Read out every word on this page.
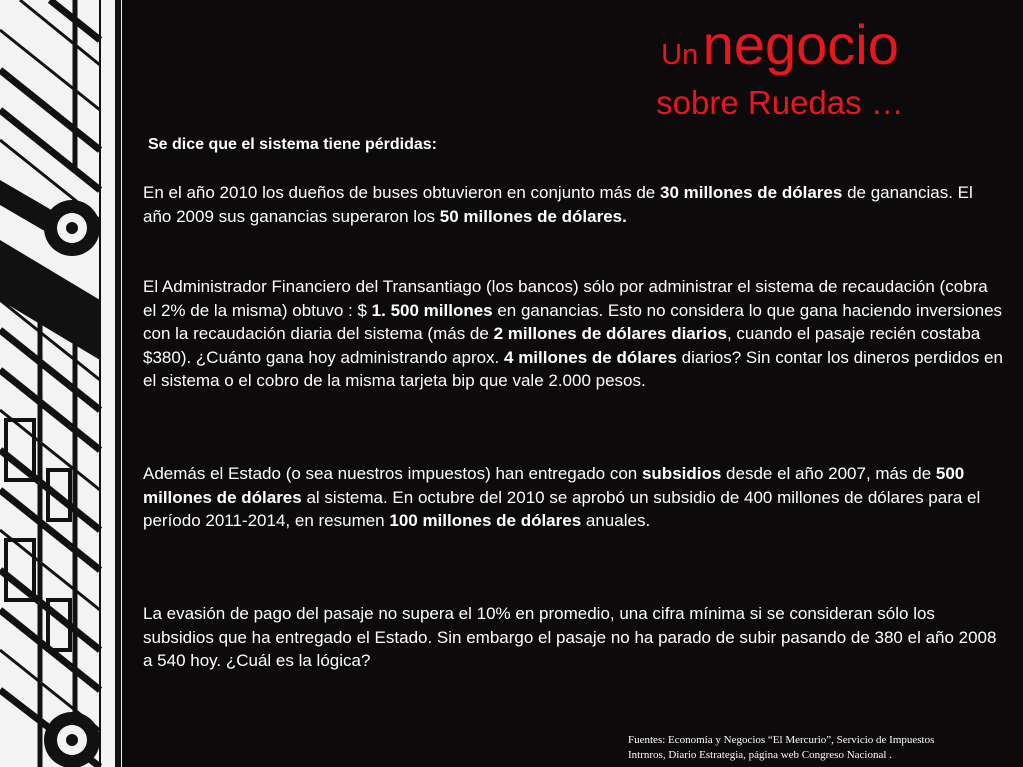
Un negocio
sobre Ruedas …
Se dice que el sistema tiene pérdidas:

En el año 2010 los dueños de buses obtuvieron en conjunto más de 30 millones de dólares de ganancias. El año 2009 sus ganancias superaron los 50 millones de dólares.

El Administrador Financiero del Transantiago (los bancos) sólo por administrar el sistema de recaudación (cobra el 2% de la misma) obtuvo : $ 1. 500 millones en ganancias. Esto no considera lo que gana haciendo inversiones con la recaudación diaria del sistema (más de 2 millones de dólares diarios, cuando el pasaje recién costaba $380). ¿Cuánto gana hoy administrando aprox. 4 millones de dólares diarios? Sin contar los dineros perdidos en el sistema o el cobro de la misma tarjeta bip que vale 2.000 pesos.

Además el Estado (o sea nuestros impuestos) han entregado con subsidios desde el año 2007, más de 500 millones de dólares al sistema. En octubre del 2010 se aprobó un subsidio de 400 millones de dólares para el período 2011-2014, en resumen 100 millones de dólares anuales.

La evasión de pago del pasaje no supera el 10% en promedio, una cifra mínima si se consideran sólo los subsidios que ha entregado el Estado. Sin embargo el pasaje no ha parado de subir pasando de 380 el año 2008 a 540 hoy. ¿Cuál es la lógica?

Fuentes: Economía y Negocios “El Mercurio”, Servicio de Impuestos
Intrnros, Diario Estrategia, página web Congreso Nacional .
